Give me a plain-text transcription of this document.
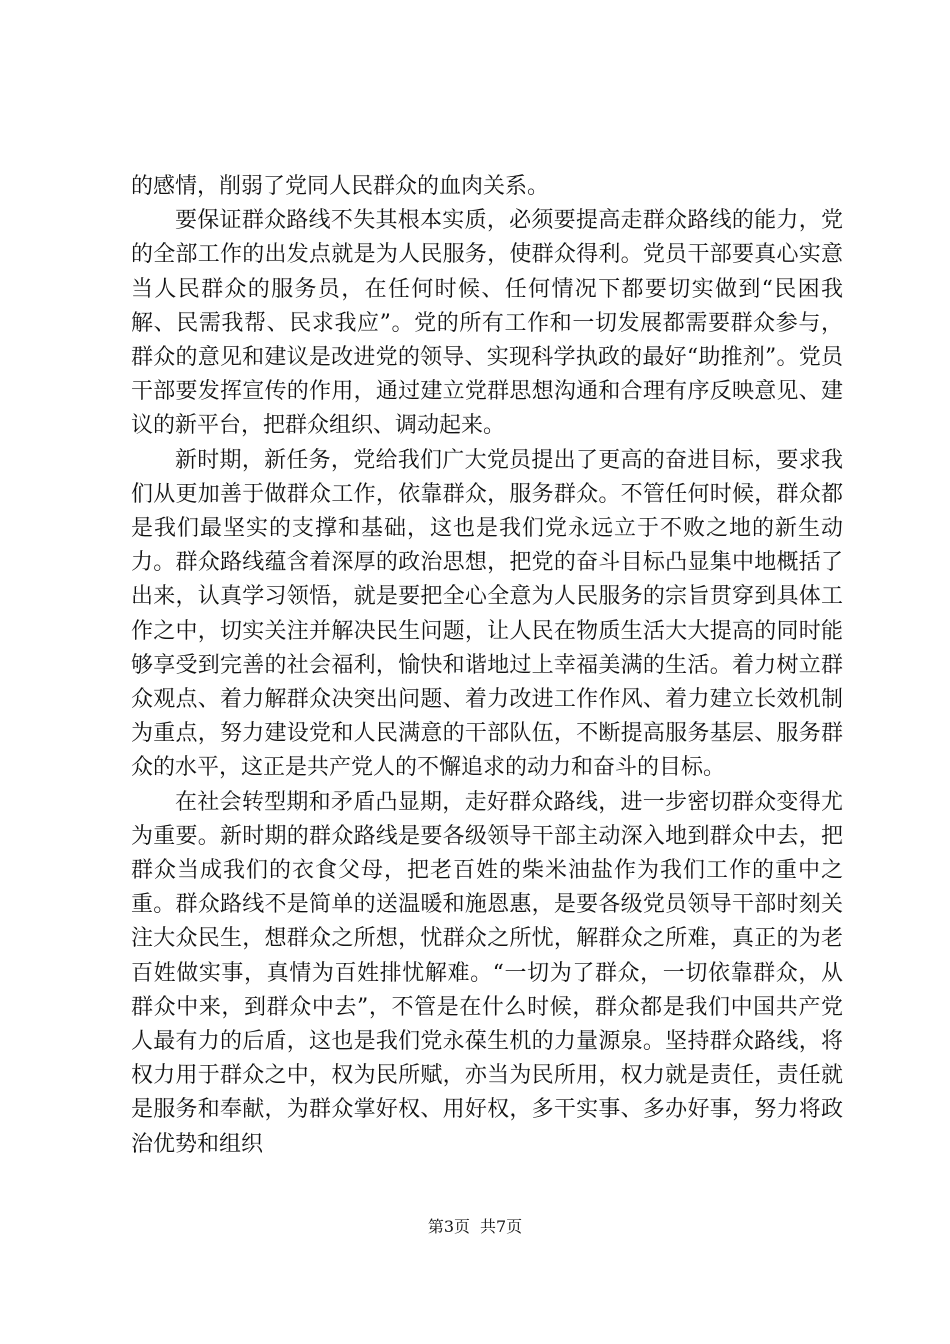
的感情，削弱了党同人民群众的血肉关系。

要保证群众路线不失其根本实质，必须要提高走群众路线的能力，党的全部工作的出发点就是为人民服务，使群众得利。党员干部要真心实意当人民群众的服务员，在任何时候、任何情况下都要切实做到“民困我解、民需我帮、民求我应”。党的所有工作和一切发展都需要群众参与，群众的意见和建议是改进党的领导、实现科学执政的最好“助推剂”。党员干部要发挥宣传的作用，通过建立党群思想沟通和合理有序反映意见、建议的新平台，把群众组织、调动起来。

新时期，新任务，党给我们广大党员提出了更高的奋进目标，要求我们从更加善于做群众工作，依靠群众，服务群众。不管任何时候，群众都是我们最坚实的支撑和基础，这也是我们党永远立于不败之地的新生动力。群众路线蕴含着深厚的政治思想，把党的奋斗目标凸显集中地概括了出来，认真学习领悟，就是要把全心全意为人民服务的宗旨贯穿到具体工作之中，切实关注并解决民生问题，让人民在物质生活大大提高的同时能够享受到完善的社会福利，愉快和谐地过上幸福美满的生活。着力树立群众观点、着力解群众决突出问题、着力改进工作作风、着力建立长效机制为重点，努力建设党和人民满意的干部队伍，不断提高服务基层、服务群众的水平，这正是共产党人的不懈追求的动力和奋斗的目标。

在社会转型期和矛盾凸显期，走好群众路线，进一步密切群众变得尤为重要。新时期的群众路线是要各级领导干部主动深入地到群众中去，把群众当成我们的衣食父母，把老百姓的柴米油盐作为我们工作的重中之重。群众路线不是简单的送温暖和施恩惠，是要各级党员领导干部时刻关注大众民生，想群众之所想，忧群众之所忧，解群众之所难，真正的为老百姓做实事，真情为百姓排忧解难。“一切为了群众，一切依靠群众，从群众中来，到群众中去”，不管是在什么时候，群众都是我们中国共产党人最有力的后盾，这也是我们党永葆生机的力量源泉。坚持群众路线，将权力用于群众之中，权为民所赋，亦当为民所用，权力就是责任，责任就是服务和奉献，为群众掌好权、用好权，多干实事、多办好事，努力将政治优势和组织

第3页 共7页
